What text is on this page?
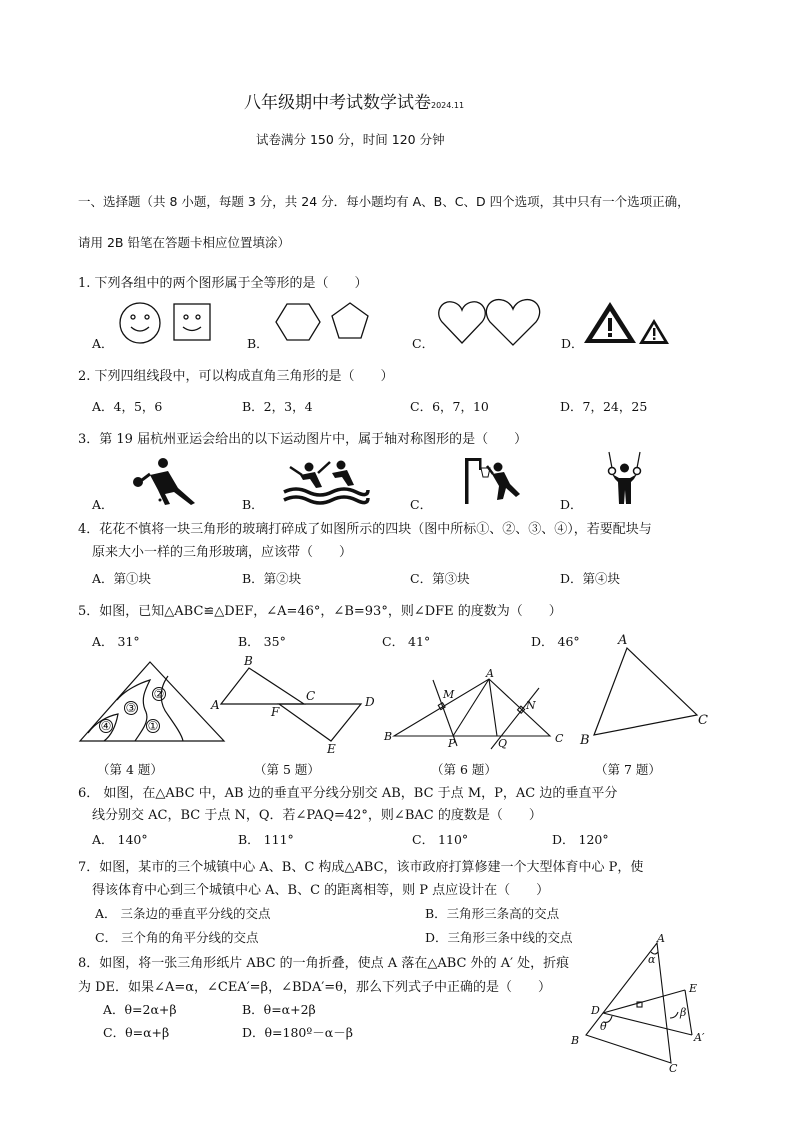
八年级期中考试数学试卷2024.11
试卷满分 150 分，时间 120 分钟
一、选择题（共 8 小题，每题 3 分，共 24 分．每小题均有 A、B、C、D 四个选项，其中只有一个选项正确，
请用 2B 铅笔在答题卡相应位置填涂）
1. 下列各组中的两个图形属于全等形的是（　　）
A．	B．	C．	D．
②
③
④	①
A
B
C	D
E
F
A
B	C
M
N
P	Q
A
B
C
A
B
C
D
E
A′
α
β
θ
2. 下列四组线段中，可以构成直角三角形的是（　　）
A．4，5，6	B．2，3，4	C．6，7，10	D．7，24，25
3．第 19 届杭州亚运会给出的以下运动图片中，属于轴对称图形的是（　　）
A．	B．	C．	D．
4．花花不慎将一块三角形的玻璃打碎成了如图所示的四块（图中所标①、②、③、④），若要配块与
原来大小一样的三角形玻璃，应该带（　　）
A．第①块	B．第②块	C．第③块	D．第④块
5．如图，已知△ABC≌△DEF，∠A=46°，∠B=93°，则∠DFE 的度数为（　　）
A． 31°	B． 35°	C． 41°	D． 46°
（第 4 题）	（第 5 题）	（第 6 题）	（第 7 题）
6． 如图，在△ABC 中，AB 边的垂直平分线分别交 AB，BC 于点 M，P，AC 边的垂直平分
线分别交 AC，BC 于点 N，Q．若∠PAQ=42°，则∠BAC 的度数是（　　）
A． 140°	B． 111°	C． 110°	D． 120°
7．如图，某市的三个城镇中心 A、B、C 构成△ABC，该市政府打算修建一个大型体育中心 P，使
得该体育中心到三个城镇中心 A、B、C 的距离相等，则 P 点应设计在（　　）
A． 三条边的垂直平分线的交点	B．三角形三条高的交点
C． 三个角的角平分线的交点	D．三角形三条中线的交点
8．如图，将一张三角形纸片 ABC 的一角折叠，使点 A 落在△ABC 外的 A′ 处，折痕
为 DE．如果∠A=α，∠CEA′=β，∠BDA′=θ，那么下列式子中正确的是（　　）
A．θ=2α+β	B．θ=α+2β
C．θ=α+β	D．θ=180º－α－β
